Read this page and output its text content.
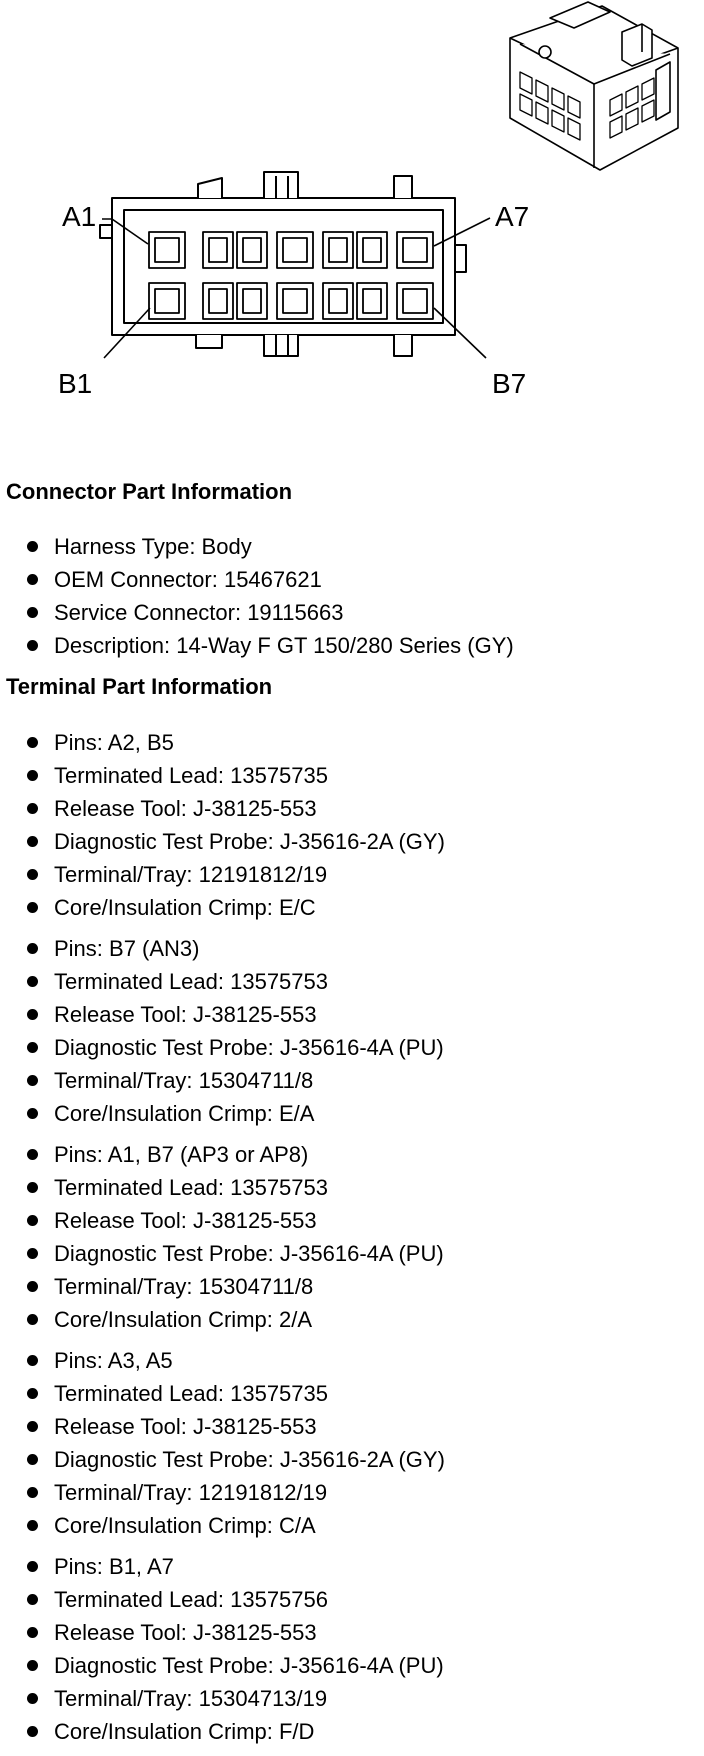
A1	A7
B1	B7
Connector Part Information
Harness Type: Body
OEM Connector: 15467621
Service Connector: 19115663
Description: 14-Way F GT 150/280 Series (GY)
Terminal Part Information
Pins: A2, B5
Terminated Lead: 13575735
Release Tool: J-38125-553
Diagnostic Test Probe: J-35616-2A (GY)
Terminal/Tray: 12191812/19
Core/Insulation Crimp: E/C
Pins: B7 (AN3)
Terminated Lead: 13575753
Release Tool: J-38125-553
Diagnostic Test Probe: J-35616-4A (PU)
Terminal/Tray: 15304711/8
Core/Insulation Crimp: E/A
Pins: A1, B7 (AP3 or AP8)
Terminated Lead: 13575753
Release Tool: J-38125-553
Diagnostic Test Probe: J-35616-4A (PU)
Terminal/Tray: 15304711/8
Core/Insulation Crimp: 2/A
Pins: A3, A5
Terminated Lead: 13575735
Release Tool: J-38125-553
Diagnostic Test Probe: J-35616-2A (GY)
Terminal/Tray: 12191812/19
Core/Insulation Crimp: C/A
Pins: B1, A7
Terminated Lead: 13575756
Release Tool: J-38125-553
Diagnostic Test Probe: J-35616-4A (PU)
Terminal/Tray: 15304713/19
Core/Insulation Crimp: F/D
